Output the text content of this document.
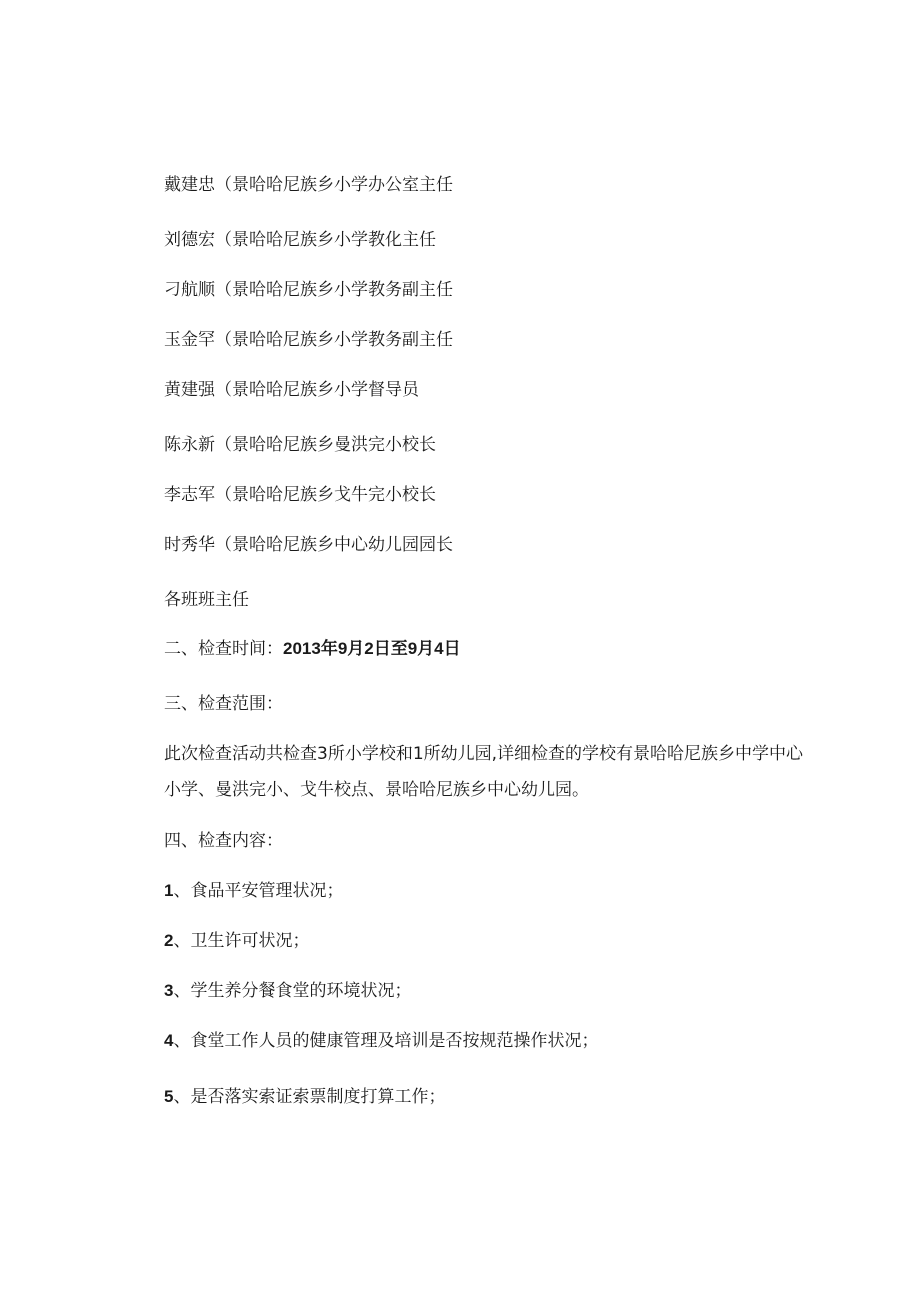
戴建忠（景哈哈尼族乡小学办公室主任
刘德宏（景哈哈尼族乡小学教化主任
刁航顺（景哈哈尼族乡小学教务副主任
玉金罕（景哈哈尼族乡小学教务副主任
黄建强（景哈哈尼族乡小学督导员
陈永新（景哈哈尼族乡曼洪完小校长
李志军（景哈哈尼族乡戈牛完小校长
时秀华（景哈哈尼族乡中心幼儿园园长
各班班主任
二、检查时间：2013年9月2日至9月4日
三、检查范围：
此次检查活动共检查3所小学校和1所幼儿园,详细检查的学校有景哈哈尼族乡中学中心小学、曼洪完小、戈牛校点、景哈哈尼族乡中心幼儿园。
四、检查内容：
1、食品平安管理状况；
2、卫生许可状况；
3、学生养分餐食堂的环境状况；
4、食堂工作人员的健康管理及培训是否按规范操作状况；
5、是否落实索证索票制度打算工作；
